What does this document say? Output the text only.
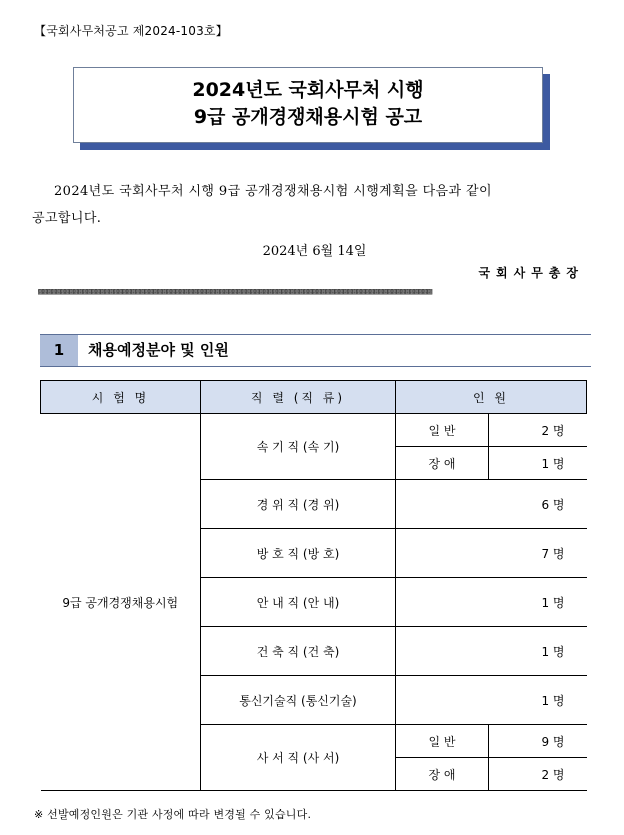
【국회사무처공고 제2024-103호】
2024년도 국회사무처 시행
9급 공개경쟁채용시험 공고
2024년도 국회사무처 시행 9급 공개경쟁채용시험 시행계획을 다음과 같이
공고합니다.
2024년 6월 14일
국회사무총장
▩▩▩▩▩▩▩▩▩▩▩▩▩▩▩▩▩▩▩▩▩▩▩▩▩▩▩▩▩▩▩▩▩▩▩▩▩▩▩▩▩▩▩▩▩▩▩▩▩▩▩▩▩▩▩▩▩▩▩▩▩▩▩▩▩▩▩▩▩▩▩▩▩▩▩▩▩▩▩▩▩▩▩▩▩▩▩▩▩
1	채용예정분야 및 인원
시 험 명	직 렬 (직 류)	인 원	
9급 공개경쟁채용시험	속 기 직 (속 기)	일 반	2 명
		장 애	1 명
	경 위 직 (경 위)	6 명	
	방 호 직 (방 호)	7 명	
	안 내 직 (안 내)	1 명	
	건 축 직 (건 축)	1 명	
	통신기술직 (통신기술)	1 명	
	사 서 직 (사 서)	일 반	9 명
		장 애	2 명
※ 선발예정인원은 기관 사정에 따라 변경될 수 있습니다.
